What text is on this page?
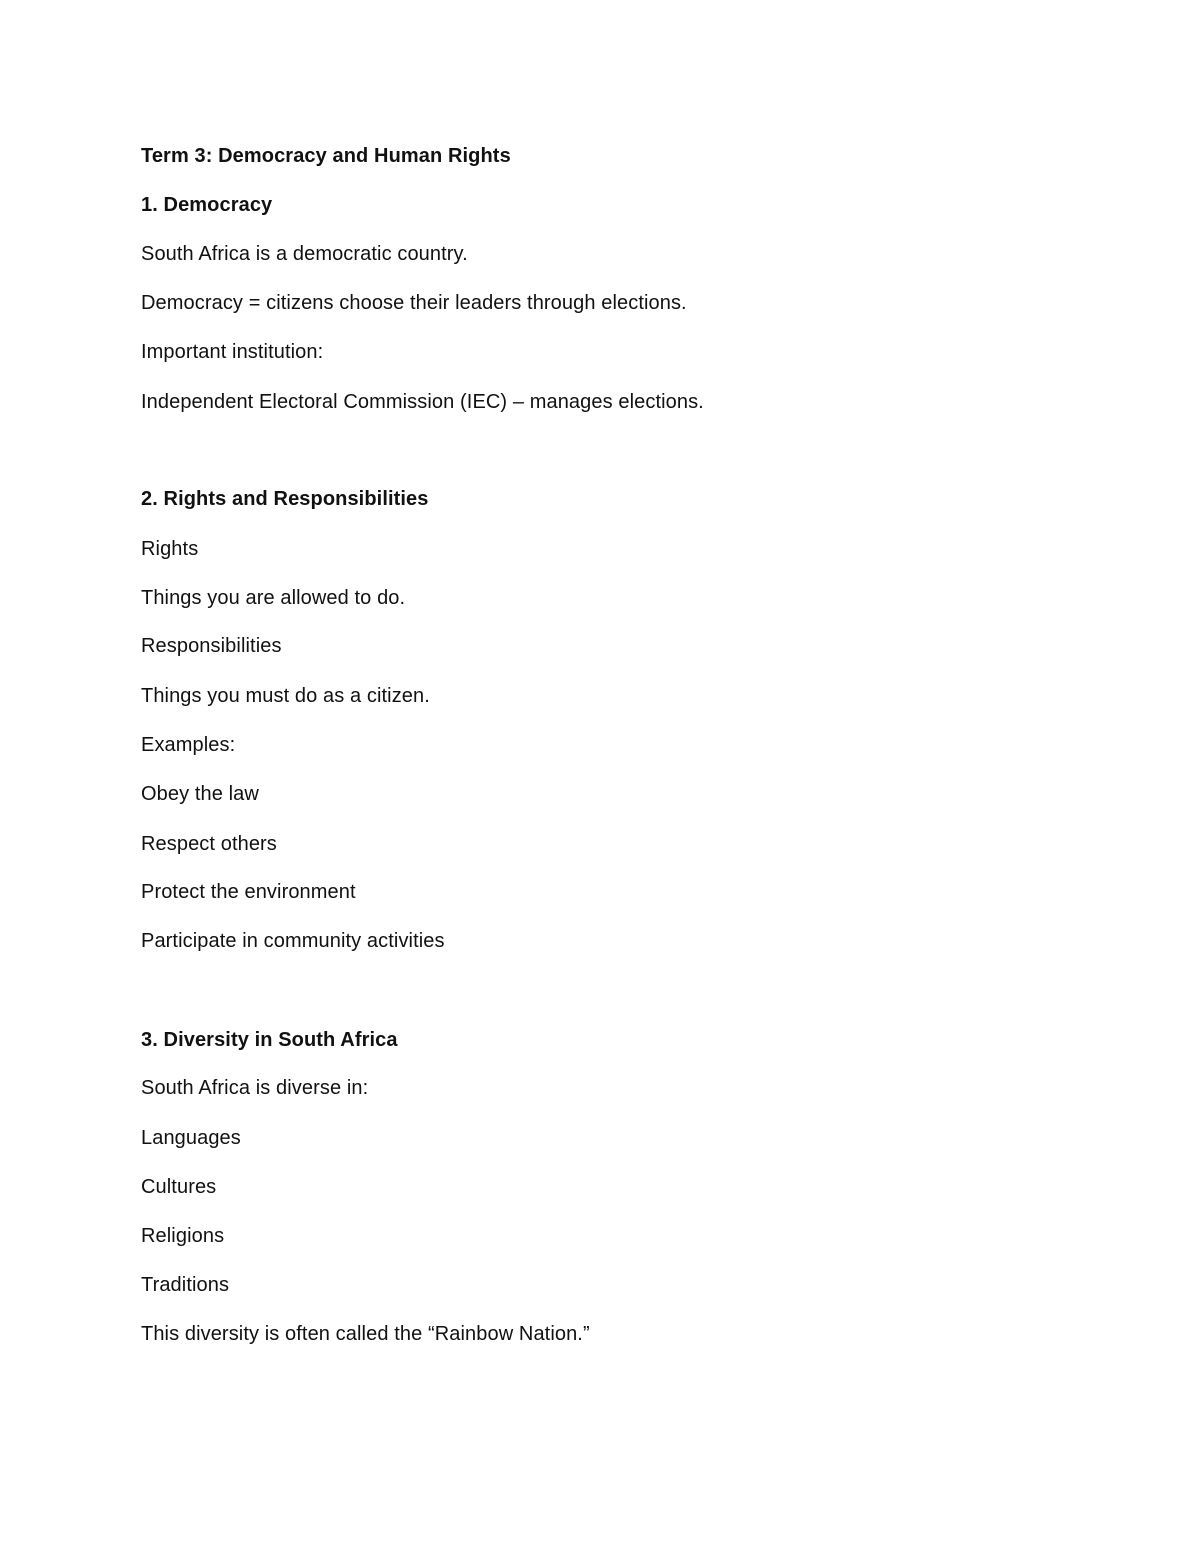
Term 3: Democracy and Human Rights
1. Democracy
South Africa is a democratic country.
Democracy = citizens choose their leaders through elections.
Important institution:
Independent Electoral Commission (IEC) – manages elections.
2. Rights and Responsibilities
Rights
Things you are allowed to do.
Responsibilities
Things you must do as a citizen.
Examples:
Obey the law
Respect others
Protect the environment
Participate in community activities
3. Diversity in South Africa
South Africa is diverse in:
Languages
Cultures
Religions
Traditions
This diversity is often called the “Rainbow Nation.”
